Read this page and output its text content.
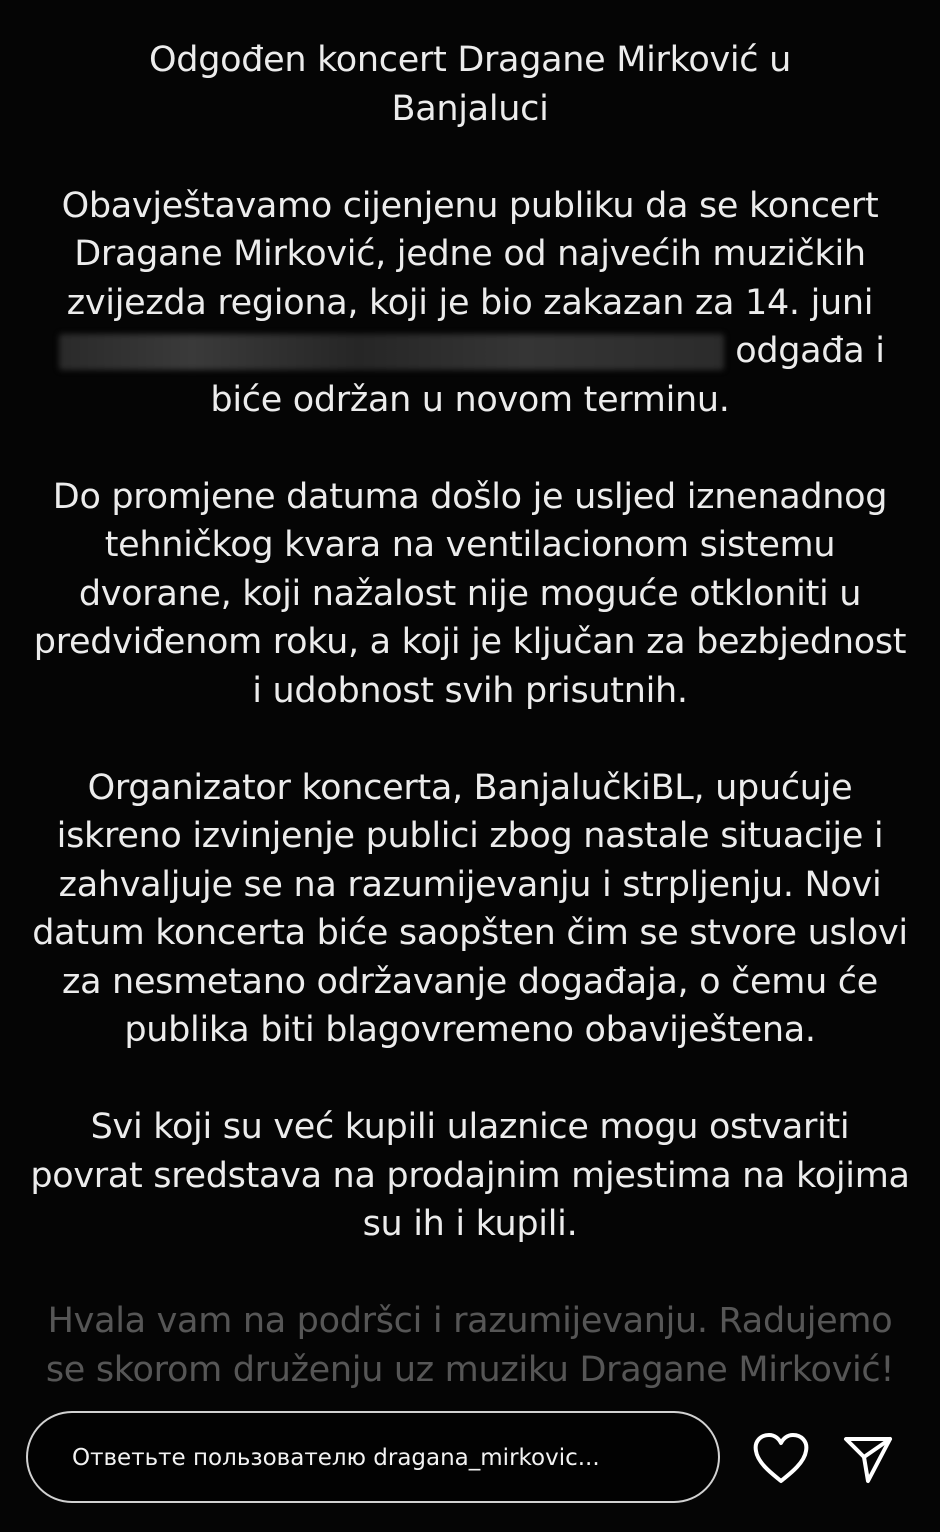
Odgođen koncert Dragane Mirković u
Banjaluci

Obavještavamo cijenjenu publiku da se koncert Dragane Mirković, jedne od najvećih muzičkih zvijezda regiona, koji je bio zakazan za 14. juni  odgađa i biće održan u novom terminu.

Do promjene datuma došlo je usljed iznenadnog tehničkog kvara na ventilacionom sistemu dvorane, koji nažalost nije moguće otkloniti u predviđenom roku, a koji je ključan za bezbjednost i udobnost svih prisutnih.

Organizator koncerta, BanjalučkiBL, upućuje iskreno izvinjenje publici zbog nastale situacije i zahvaljuje se na razumijevanju i strpljenju. Novi datum koncerta biće saopšten čim se stvore uslovi za nesmetano održavanje događaja, o čemu će publika biti blagovremeno obaviještena.

Svi koji su već kupili ulaznice mogu ostvariti povrat sredstava na prodajnim mjestima na kojima su ih i kupili.

Hvala vam na podršci i razumijevanju. Radujemo se skorom druženju uz muziku Dragane Mirković!

Ответьте пользователю dragana_mirkovic...
